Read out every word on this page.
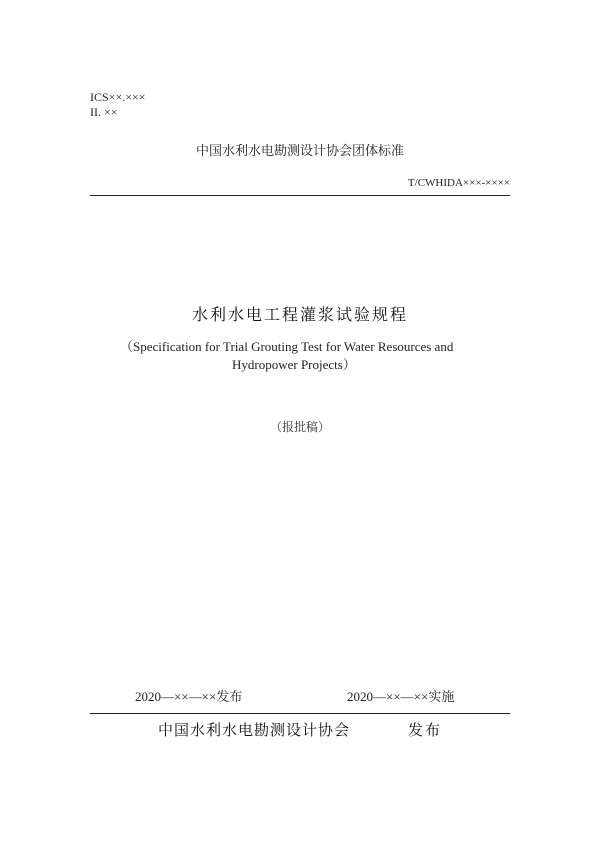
ICS××.×××
II. ××
中国水利水电勘测设计协会团体标准
T/CWHIDA×××-××××
水利水电工程灌浆试验规程
（Specification for Trial Grouting Test for Water Resources and
Hydropower Projects）
（报批稿）
2020—××—××发布	2020—××—××实施
中国水利水电勘测设计协会	发布
